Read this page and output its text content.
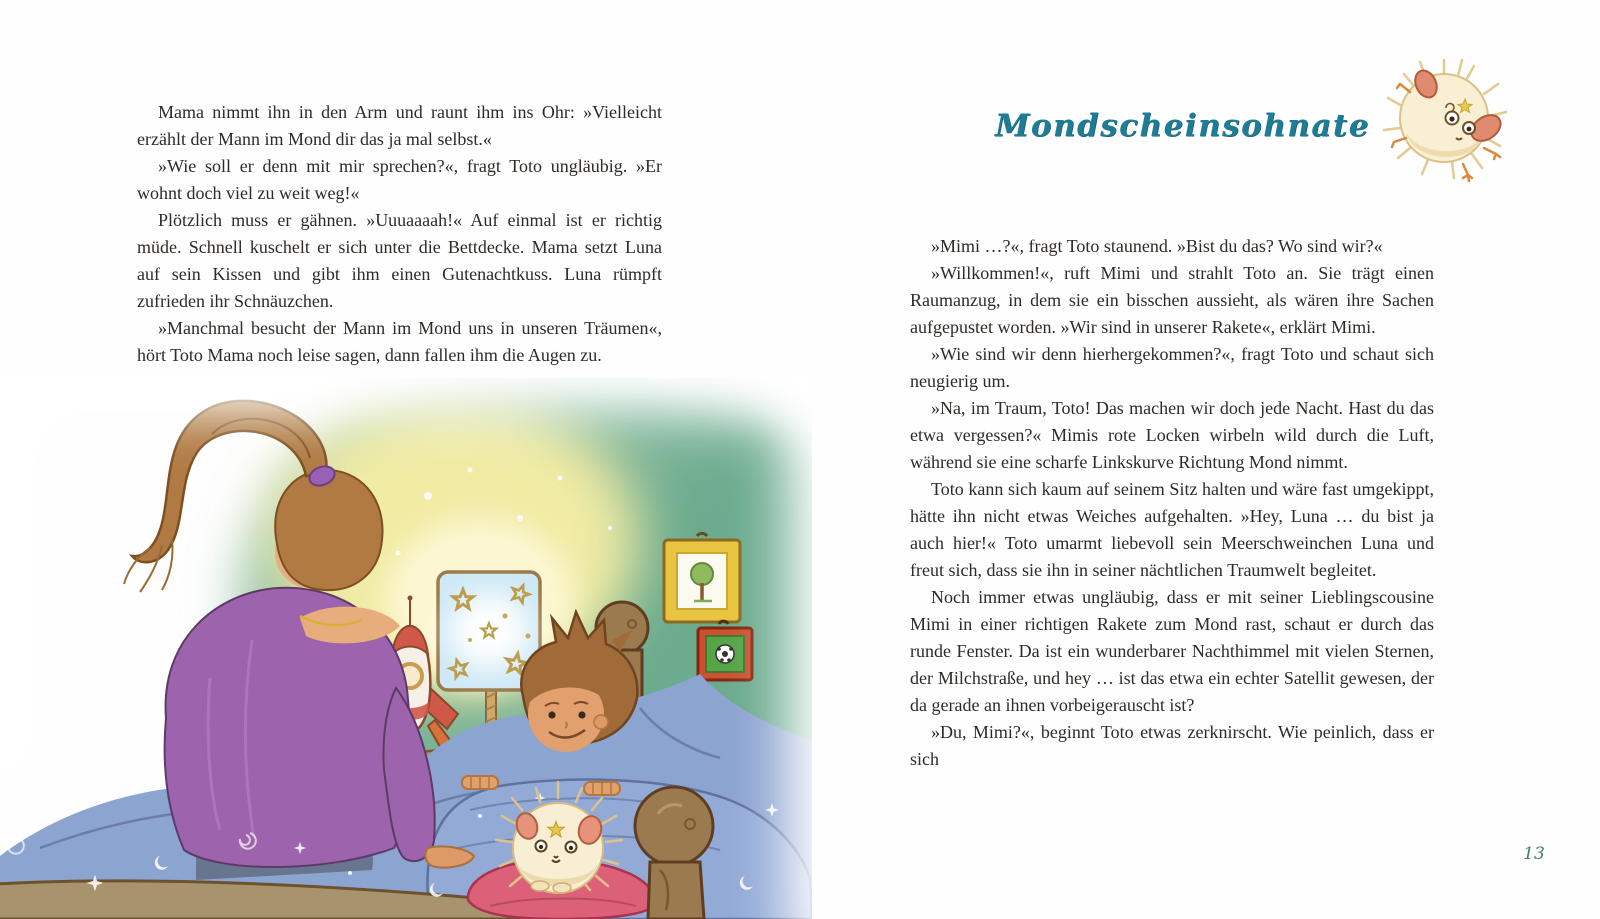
Mama nimmt ihn in den Arm und raunt ihm ins Ohr: »Vielleicht erzählt der Mann im Mond dir das ja mal selbst.«

»Wie soll er denn mit mir sprechen?«, fragt Toto ungläubig. »Er wohnt doch viel zu weit weg!«

Plötzlich muss er gähnen. »Uuuaaaah!« Auf einmal ist er richtig müde. Schnell kuschelt er sich unter die Bettdecke. Mama setzt Luna auf sein Kissen und gibt ihm einen Gutenachtkuss. Luna rümpft zufrieden ihr Schnäuzchen.

»Manchmal besucht der Mann im Mond uns in unseren Träumen«, hört Toto Mama noch leise sagen, dann fallen ihm die Augen zu.

Mondscheinsohnate

»Mimi …?«, fragt Toto staunend. »Bist du das? Wo sind wir?«

»Willkommen!«, ruft Mimi und strahlt Toto an. Sie trägt einen Raumanzug, in dem sie ein bisschen aussieht, als wären ihre Sachen aufgepustet worden. »Wir sind in unserer Rakete«, erklärt Mimi.

»Wie sind wir denn hierhergekommen?«, fragt Toto und schaut sich neugierig um.

»Na, im Traum, Toto! Das machen wir doch jede Nacht. Hast du das etwa vergessen?« Mimis rote Locken wirbeln wild durch die Luft, während sie eine scharfe Linkskurve Richtung Mond nimmt.

Toto kann sich kaum auf seinem Sitz halten und wäre fast umgekippt, hätte ihn nicht etwas Weiches aufgehalten. »Hey, Luna … du bist ja auch hier!« Toto umarmt liebevoll sein Meerschweinchen Luna und freut sich, dass sie ihn in seiner nächtlichen Traumwelt begleitet.

Noch immer etwas ungläubig, dass er mit seiner Lieblingscousine Mimi in einer richtigen Rakete zum Mond rast, schaut er durch das runde Fenster. Da ist ein wunderbarer Nachthimmel mit vielen Sternen, der Milchstraße, und hey … ist das etwa ein echter Satellit gewesen, der da gerade an ihnen vorbeigerauscht ist?

»Du, Mimi?«, beginnt Toto etwas zerknirscht. Wie peinlich, dass er sich

13
